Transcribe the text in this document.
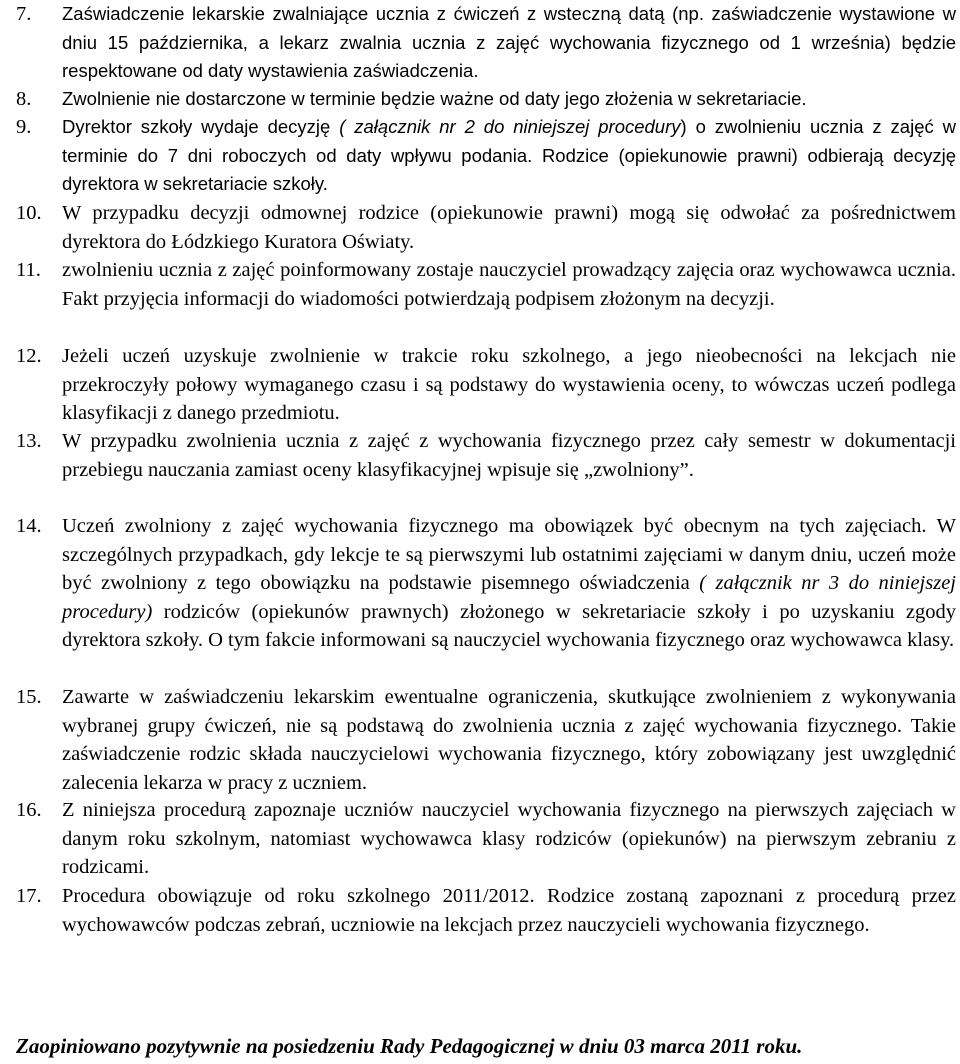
7.	Zaświadczenie lekarskie zwalniające ucznia z ćwiczeń z wsteczną datą (np. zaświadczenie wystawione w dniu 15 października, a lekarz zwalnia ucznia z zajęć wychowania fizycznego od 1 września) będzie respektowane od daty wystawienia zaświadczenia.
8.	Zwolnienie nie dostarczone w terminie będzie ważne od daty jego złożenia w sekretariacie.
9.	Dyrektor szkoły wydaje decyzję ( załącznik nr 2 do niniejszej procedury) o zwolnieniu ucznia z zajęć w terminie do 7 dni roboczych od daty wpływu podania. Rodzice (opiekunowie prawni) odbierają decyzję dyrektora w sekretariacie szkoły.
10. W przypadku decyzji odmownej rodzice (opiekunowie prawni) mogą się odwołać za pośrednictwem dyrektora do Łódzkiego Kuratora Oświaty.
11.	zwolnieniu ucznia z zajęć poinformowany zostaje nauczyciel prowadzący zajęcia oraz wychowawca ucznia. Fakt przyjęcia informacji do wiadomości potwierdzają podpisem złożonym na decyzji.
12. Jeżeli uczeń uzyskuje zwolnienie w trakcie roku szkolnego, a jego nieobecności na lekcjach nie przekroczyły połowy wymaganego czasu i są podstawy do wystawienia oceny, to wówczas uczeń podlega klasyfikacji z danego przedmiotu.
13. W przypadku zwolnienia ucznia z zajęć z wychowania fizycznego przez cały semestr w dokumentacji przebiegu nauczania zamiast oceny klasyfikacyjnej wpisuje się „zwolniony”.
14. Uczeń zwolniony z zajęć wychowania fizycznego ma obowiązek być obecnym na tych zajęciach. W szczególnych przypadkach, gdy lekcje te są pierwszymi lub ostatnimi zajęciami w danym dniu, uczeń może być zwolniony z tego obowiązku na podstawie pisemnego oświadczenia ( załącznik nr 3 do niniejszej procedury) rodziców (opiekunów prawnych) złożonego w sekretariacie szkoły i po uzyskaniu zgody dyrektora szkoły. O tym fakcie informowani są nauczyciel wychowania fizycznego oraz wychowawca klasy.
15. Zawarte w zaświadczeniu lekarskim ewentualne ograniczenia, skutkujące zwolnieniem z wykonywania wybranej grupy ćwiczeń, nie są podstawą do zwolnienia ucznia z zajęć wychowania fizycznego. Takie zaświadczenie rodzic składa nauczycielowi wychowania fizycznego, który zobowiązany jest uwzględnić zalecenia lekarza w pracy z uczniem.
16. Z niniejsza procedurą zapoznaje uczniów nauczyciel wychowania fizycznego na pierwszych zajęciach w danym roku szkolnym, natomiast wychowawca klasy rodziców (opiekunów) na pierwszym zebraniu z rodzicami.
17. Procedura obowiązuje od roku szkolnego 2011/2012. Rodzice zostaną zapoznani z procedurą przez wychowawców podczas zebrań, uczniowie na lekcjach przez nauczycieli wychowania fizycznego.
Zaopiniowano pozytywnie na posiedzeniu Rady Pedagogicznej w dniu 03 marca 2011 roku.
